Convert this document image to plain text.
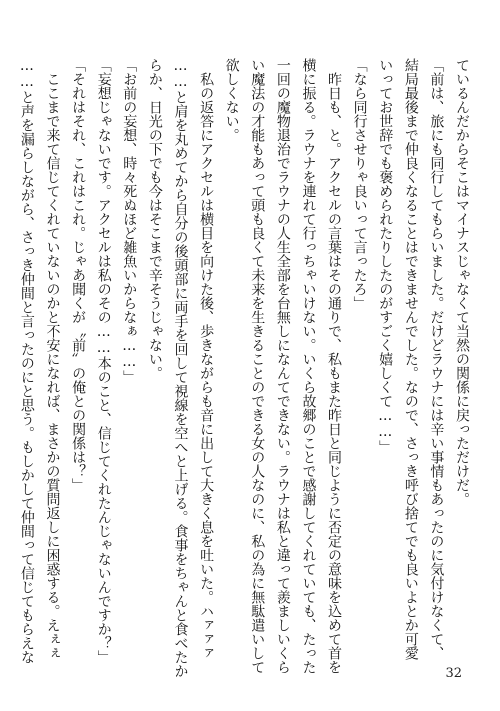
ているんだからそこはマイナスじゃなくて当然の関係に戻っただけだ。
「前は、旅にも同行してもらいました。だけどラウナには辛い事情もあったのに気付けなくて、
結局最後まで仲良くなることはできませんでした。なので、さっき呼び捨てでも良いよとか可愛
いってお世辞でも褒められたりしたのがすごく嬉しくて……」
「なら同行させりゃ良いって言ったろ」
　昨日も、と。アクセルの言葉はその通りで、私もまた昨日と同じように否定の意味を込めて首を
横に振る。ラウナを連れて行っちゃいけない。いくら故郷のことで感謝してくれていても、たった
一回の魔物退治でラウナの人生全部を台無しになんてできない。ラウナは私と違って羨ましいくら
い魔法の才能もあって頭も良くて未来を生きることのできる女の人なのに、私の為に無駄遣いして
欲しくない。
　私の返答にアクセルは横目を向けた後、歩きながらも音に出して大きく息を吐いた。ハァァァ
……と肩を丸めてから自分の後頭部に両手を回して視線を空へと上げる。食事をちゃんと食べたか
らか、日光の下でも今はそこまで辛そうじゃない。
「お前の妄想、時々死ぬほど雑魚いからなぁ……」
「妄想じゃないです。アクセルは私のその……本のこと、信じてくれたんじゃないんですか？」
「それはそれ、これはこれ。じゃあ聞くが〝前〟の俺との関係は？」
　ここまで来て信じてくれていないのかと不安になれば、まさかの質問返しに困惑する。えぇぇ
……と声を漏らしながら、さっき仲間と言ったのにと思う。もしかして仲間って信じてもらえな
32
